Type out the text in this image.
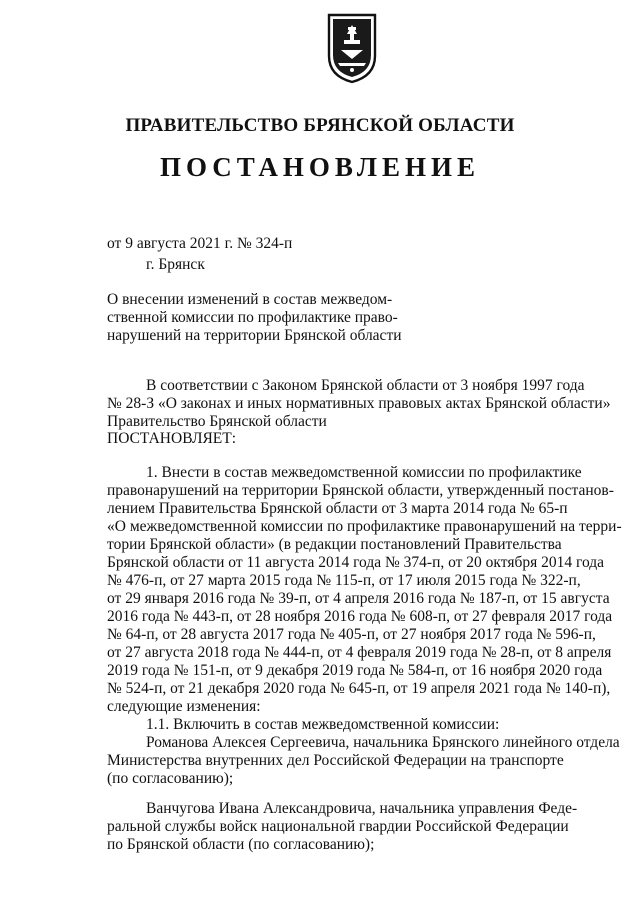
ПРАВИТЕЛЬСТВО БРЯНСКОЙ ОБЛАСТИ
ПОСТАНОВЛЕНИЕ
от 9 августа 2021 г. № 324-п
г. Брянск
О внесении изменений в состав межведом-
ственной комиссии по профилактике право-
нарушений на территории Брянской области
В соответствии с Законом Брянской области от 3 ноября 1997 года
№ 28-З «О законах и иных нормативных правовых актах Брянской области»
Правительство Брянской области
ПОСТАНОВЛЯЕТ:
1. Внести в состав межведомственной комиссии по профилактике
правонарушений на территории Брянской области, утвержденный постанов-
лением Правительства Брянской области от 3 марта 2014 года № 65-п
«О межведомственной комиссии по профилактике правонарушений на терри-
тории Брянской области» (в редакции постановлений Правительства
Брянской области от 11 августа 2014 года № 374-п, от 20 октября 2014 года
№ 476-п, от 27 марта 2015 года № 115-п, от 17 июля 2015 года № 322-п,
от 29 января 2016 года № 39-п, от 4 апреля 2016 года № 187-п, от 15 августа
2016 года № 443-п, от 28 ноября 2016 года № 608-п, от 27 февраля 2017 года
№ 64-п, от 28 августа 2017 года № 405-п, от 27 ноября 2017 года № 596-п,
от 27 августа 2018 года № 444-п, от 4 февраля 2019 года № 28-п, от 8 апреля
2019 года № 151-п, от 9 декабря 2019 года № 584-п, от 16 ноября 2020 года
№ 524-п, от 21 декабря 2020 года № 645-п, от 19 апреля 2021 года № 140-п),
следующие изменения:
1.1. Включить в состав межведомственной комиссии:
Романова Алексея Сергеевича, начальника Брянского линейного отдела
Министерства внутренних дел Российской Федерации на транспорте
(по согласованию);
Ванчугова Ивана Александровича, начальника управления Феде-
ральной службы войск национальной гвардии Российской Федерации
по Брянской области (по согласованию);
